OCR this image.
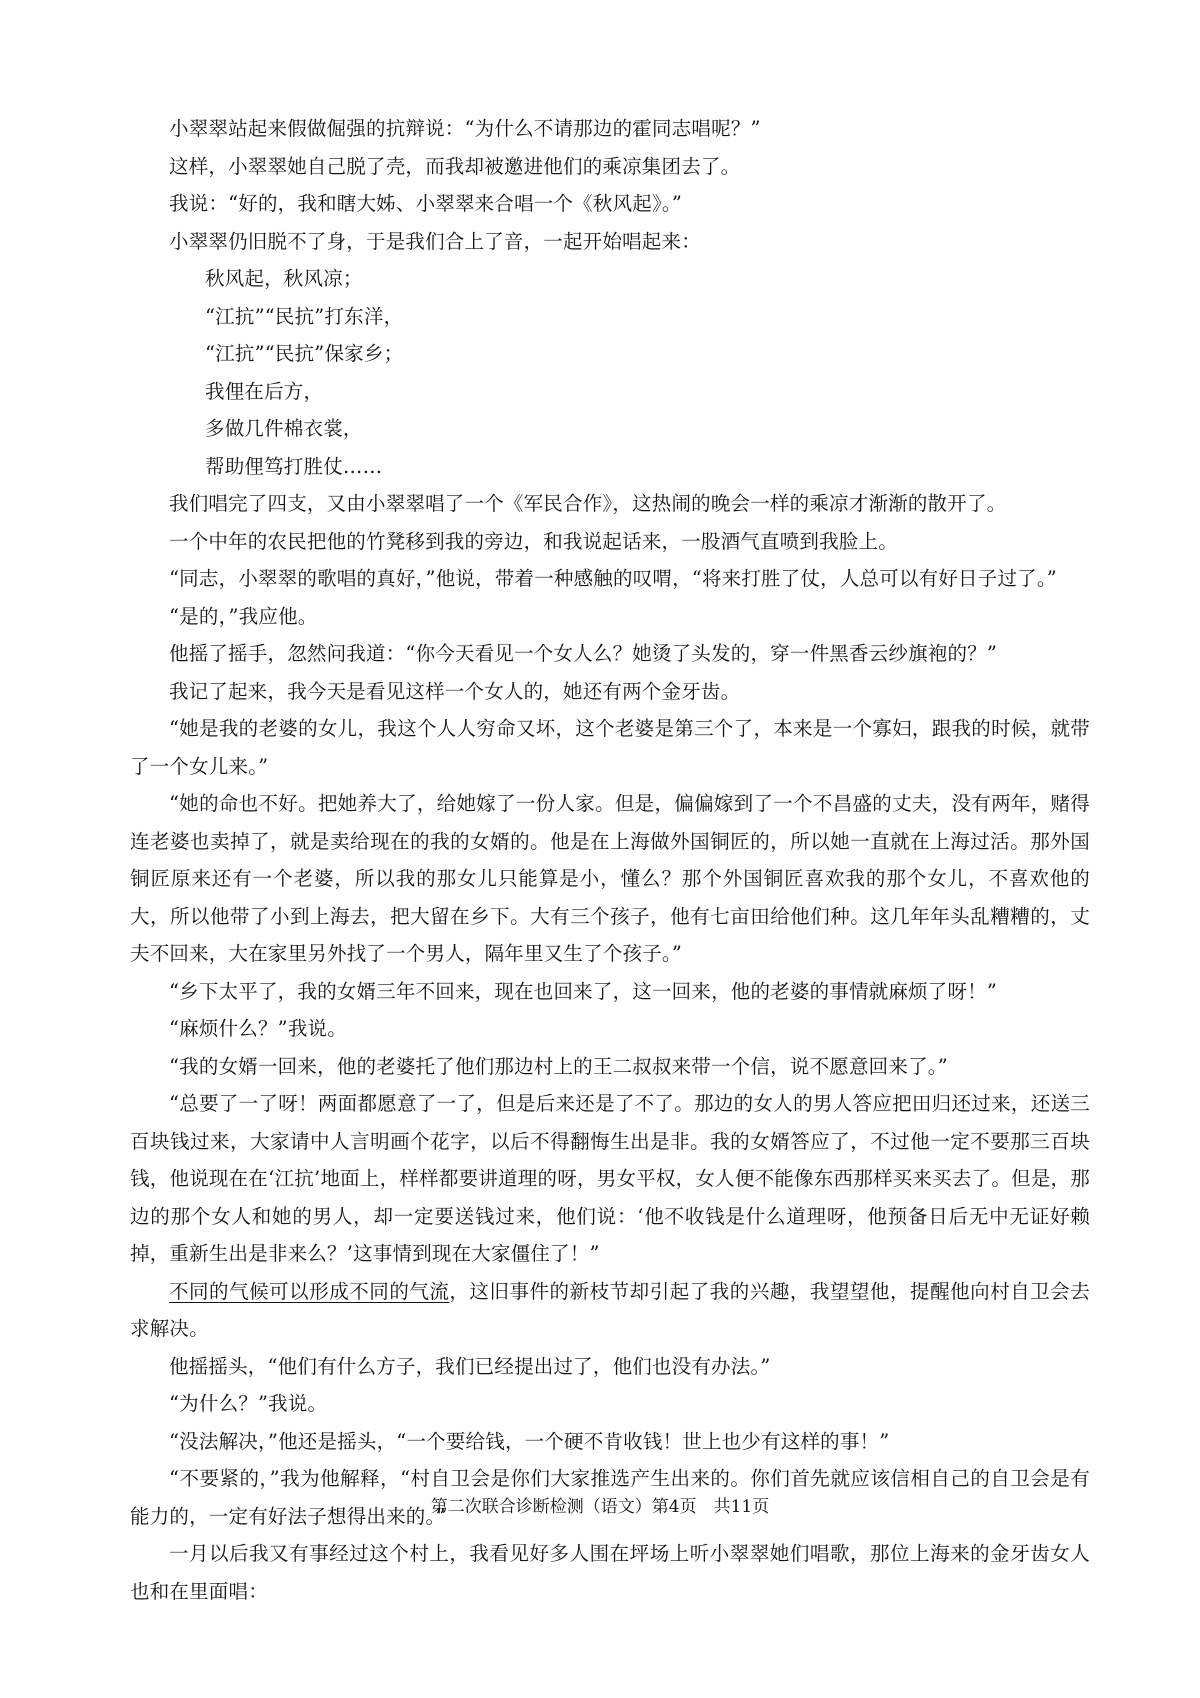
小翠翠站起来假做倔强的抗辩说：“为什么不请那边的霍同志唱呢？”

这样，小翠翠她自己脱了壳，而我却被邀进他们的乘凉集团去了。

我说：“好的，我和瞎大姊、小翠翠来合唱一个《秋风起》。”

小翠翠仍旧脱不了身，于是我们合上了音，一起开始唱起来：

秋风起，秋风凉；

“江抗”“民抗”打东洋，

“江抗”“民抗”保家乡；

我俚在后方，

多做几件棉衣裳，

帮助俚笃打胜仗……

我们唱完了四支，又由小翠翠唱了一个《军民合作》，这热闹的晚会一样的乘凉才渐渐的散开了。

一个中年的农民把他的竹凳移到我的旁边，和我说起话来，一股酒气直喷到我脸上。

“同志，小翠翠的歌唱的真好，”他说，带着一种感触的叹喟，“将来打胜了仗，人总可以有好日子过了。”

“是的，”我应他。

他摇了摇手，忽然问我道：“你今天看见一个女人么？她烫了头发的，穿一件黑香云纱旗袍的？”

我记了起来，我今天是看见这样一个女人的，她还有两个金牙齿。

“她是我的老婆的女儿，我这个人人穷命又坏，这个老婆是第三个了，本来是一个寡妇，跟我的时候，就带了一个女儿来。”

“她的命也不好。把她养大了，给她嫁了一份人家。但是，偏偏嫁到了一个不昌盛的丈夫，没有两年，赌得连老婆也卖掉了，就是卖给现在的我的女婿的。他是在上海做外国铜匠的，所以她一直就在上海过活。那外国铜匠原来还有一个老婆，所以我的那女儿只能算是小，懂么？那个外国铜匠喜欢我的那个女儿，不喜欢他的大，所以他带了小到上海去，把大留在乡下。大有三个孩子，他有七亩田给他们种。这几年年头乱糟糟的，丈夫不回来，大在家里另外找了一个男人，隔年里又生了个孩子。”

“乡下太平了，我的女婿三年不回来，现在也回来了，这一回来，他的老婆的事情就麻烦了呀！”

“麻烦什么？”我说。

“我的女婿一回来，他的老婆托了他们那边村上的王二叔叔来带一个信，说不愿意回来了。”

“总要了一了呀！两面都愿意了一了，但是后来还是了不了。那边的女人的男人答应把田归还过来，还送三百块钱过来，大家请中人言明画个花字，以后不得翻悔生出是非。我的女婿答应了，不过他一定不要那三百块钱，他说现在在‘江抗’地面上，样样都要讲道理的呀，男女平权，女人便不能像东西那样买来买去了。但是，那边的那个女人和她的男人，却一定要送钱过来，他们说：‘他不收钱是什么道理呀，他预备日后无中无证好赖掉，重新生出是非来么？’这事情到现在大家僵住了！”

不同的气候可以形成不同的气流，这旧事件的新枝节却引起了我的兴趣，我望望他，提醒他向村自卫会去求解决。

他摇摇头，“他们有什么方子，我们已经提出过了，他们也没有办法。”

“为什么？”我说。

“没法解决，”他还是摇头，“一个要给钱，一个硬不肯收钱！世上也少有这样的事！”

“不要紧的，”我为他解释，“村自卫会是你们大家推选产生出来的。你们首先就应该信相自己的自卫会是有能力的，一定有好法子想得出来的。”

一月以后我又有事经过这个村上，我看见好多人围在坪场上听小翠翠她们唱歌，那位上海来的金牙齿女人也和在里面唱：

第二次联合诊断检测（语文）第4页　共11页
